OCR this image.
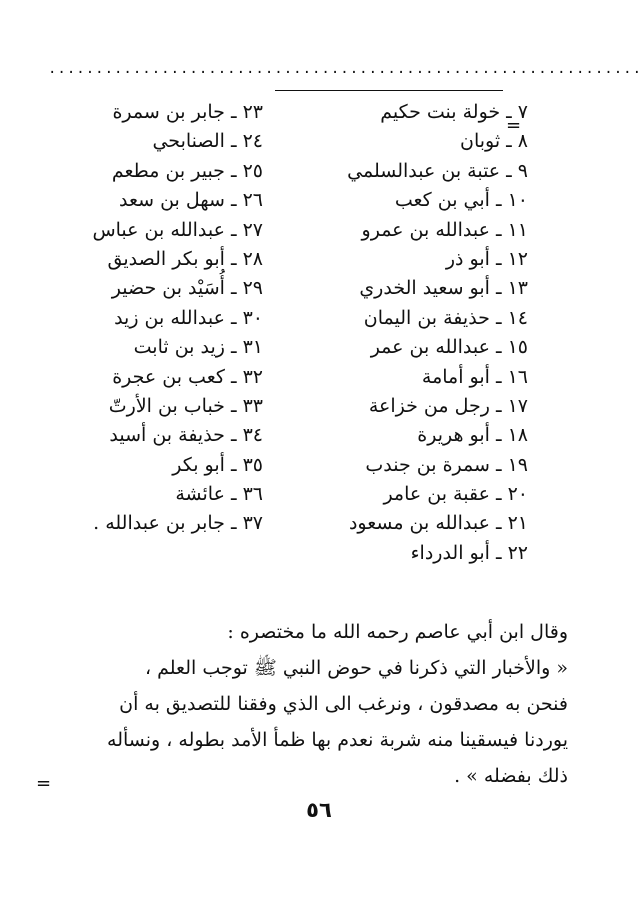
...............................................................
=
=
٧ ـ خولة بنت حكيم
٨ ـ ثوبان
٩ ـ عتبة بن عبدالسلمي
١٠ ـ أبي بن كعب
١١ ـ عبدالله بن عمرو
١٢ ـ أبو ذر
١٣ ـ أبو سعيد الخدري
١٤ ـ حذيفة بن اليمان
١٥ ـ عبدالله بن عمر
١٦ ـ أبو أمامة
١٧ ـ رجل من خزاعة
١٨ ـ أبو هريرة
١٩ ـ سمرة بن جندب
٢٠ ـ عقبة بن عامر
٢١ ـ عبدالله بن مسعود
٢٢ ـ أبو الدرداء
٢٣ ـ جابر بن سمرة
٢٤ ـ الصنابحي
٢٥ ـ جبير بن مطعم
٢٦ ـ سهل بن سعد
٢٧ ـ عبدالله بن عباس
٢٨ ـ أبو بكر الصديق
٢٩ ـ أُسَيْد بن حضير
٣٠ ـ عبدالله بن زيد
٣١ ـ زيد بن ثابت
٣٢ ـ كعب بن عجرة
٣٣ ـ خباب بن الأرتّ
٣٤ ـ حذيفة بن أسيد
٣٥ ـ أبو بكر
٣٦ ـ عائشة
٣٧ ـ جابر بن عبدالله .
وقال ابن أبي عاصم رحمه الله ما مختصره :
« والأخبار التي ذكرنا في حوض النبي ﷺ توجب العلم ،
فنحن به مصدقون ، ونرغب الى الذي وفقنا للتصديق به أن
يوردنا فيسقينا منه شربة نعدم بها ظمأ الأمد بطوله ، ونسأله
ذلك بفضله » .
٥٦
